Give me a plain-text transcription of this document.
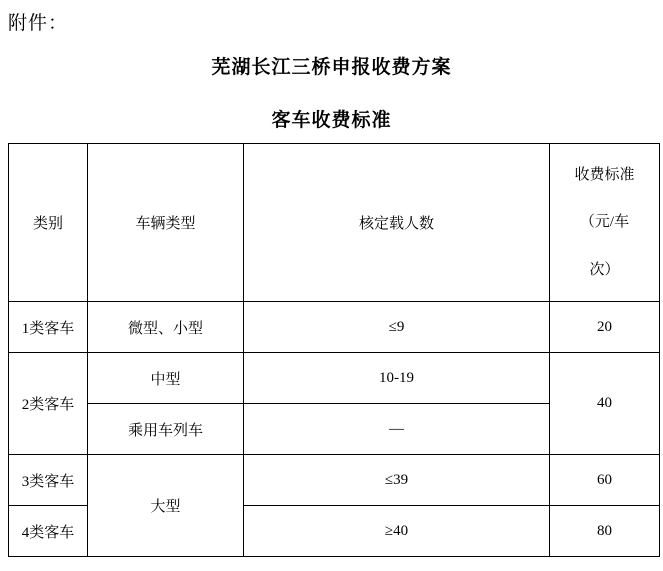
附件：
芜湖长江三桥申报收费方案
客车收费标准
类别	车辆类型	核定载人数	收费标准
（元/车
次）

1类客车	微型、小型	≤9	20
2类客车	中型	10-19	40
	乘用车列车	—	
3类客车	大型	≤39	60
4类客车		≥40	80
